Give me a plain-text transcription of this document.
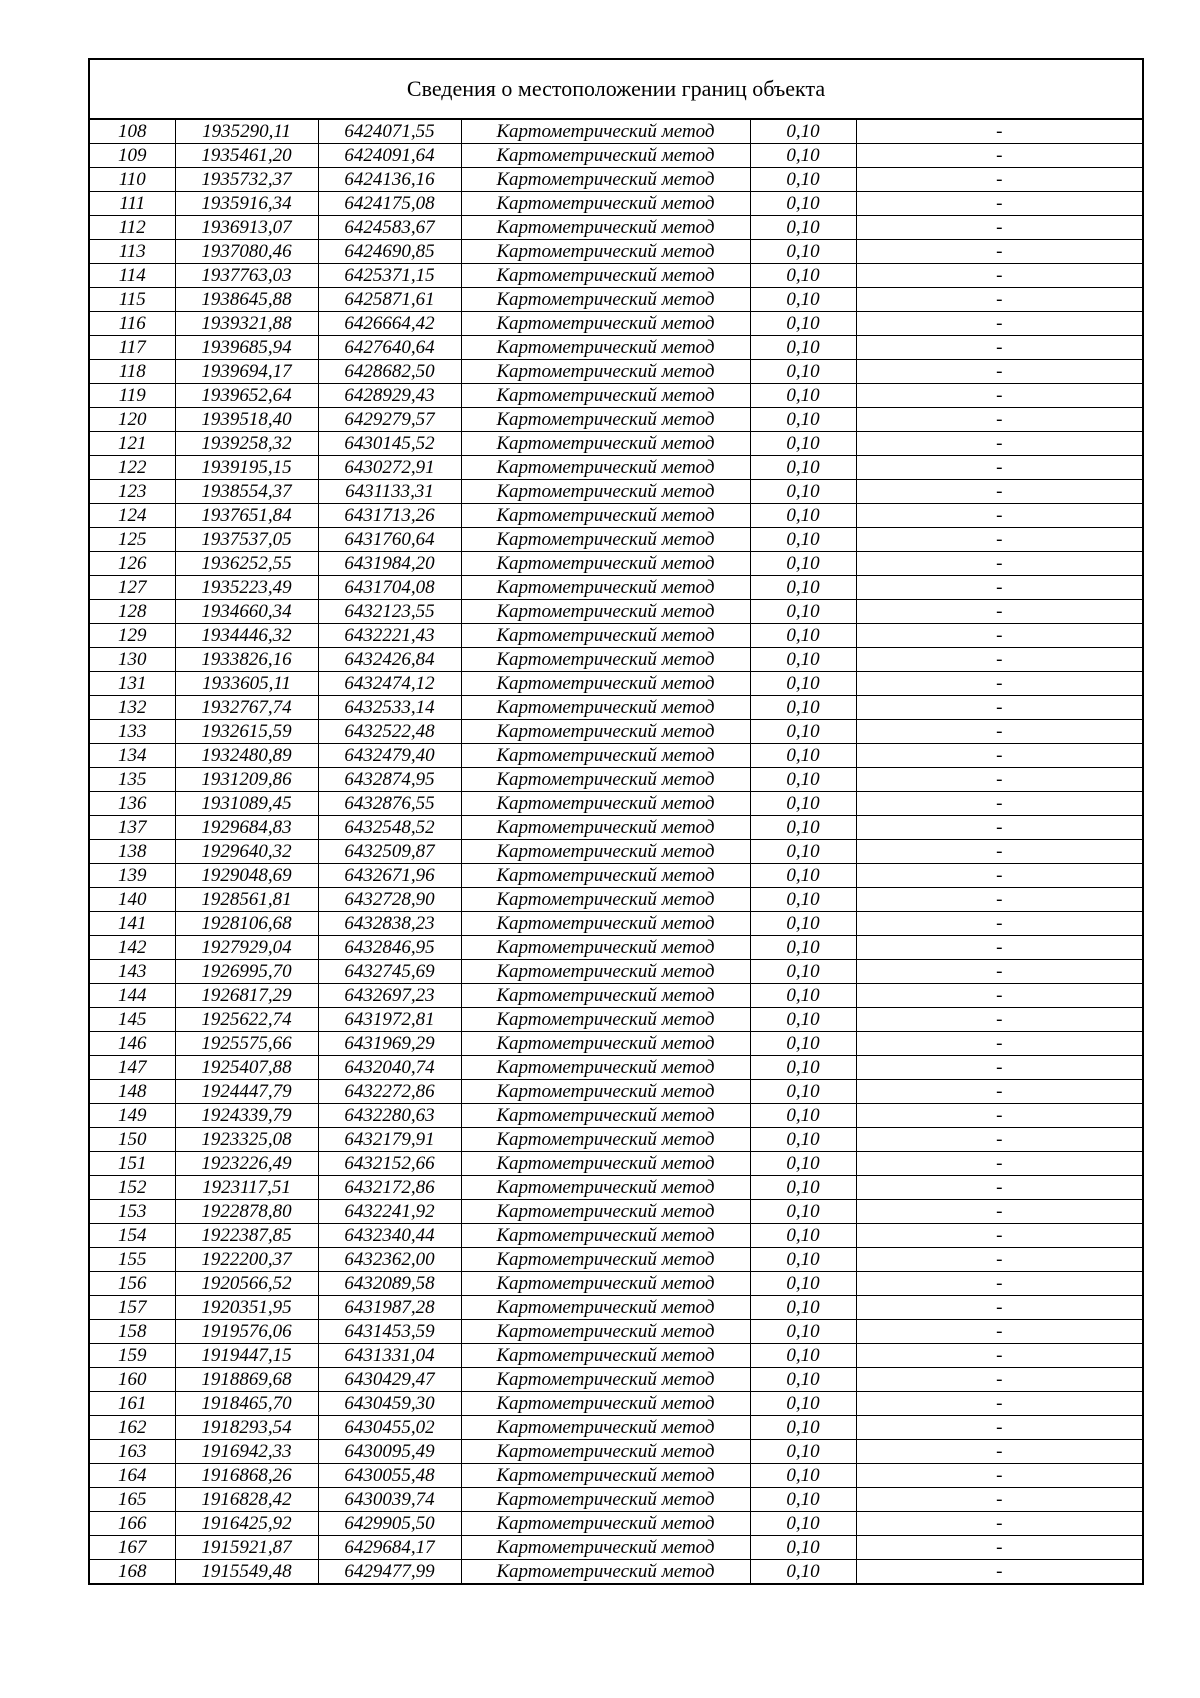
Сведения о местоположении границ объекта
108	1935290,11	6424071,55	Картометрический метод	0,10	-
109	1935461,20	6424091,64	Картометрический метод	0,10	-
110	1935732,37	6424136,16	Картометрический метод	0,10	-
111	1935916,34	6424175,08	Картометрический метод	0,10	-
112	1936913,07	6424583,67	Картометрический метод	0,10	-
113	1937080,46	6424690,85	Картометрический метод	0,10	-
114	1937763,03	6425371,15	Картометрический метод	0,10	-
115	1938645,88	6425871,61	Картометрический метод	0,10	-
116	1939321,88	6426664,42	Картометрический метод	0,10	-
117	1939685,94	6427640,64	Картометрический метод	0,10	-
118	1939694,17	6428682,50	Картометрический метод	0,10	-
119	1939652,64	6428929,43	Картометрический метод	0,10	-
120	1939518,40	6429279,57	Картометрический метод	0,10	-
121	1939258,32	6430145,52	Картометрический метод	0,10	-
122	1939195,15	6430272,91	Картометрический метод	0,10	-
123	1938554,37	6431133,31	Картометрический метод	0,10	-
124	1937651,84	6431713,26	Картометрический метод	0,10	-
125	1937537,05	6431760,64	Картометрический метод	0,10	-
126	1936252,55	6431984,20	Картометрический метод	0,10	-
127	1935223,49	6431704,08	Картометрический метод	0,10	-
128	1934660,34	6432123,55	Картометрический метод	0,10	-
129	1934446,32	6432221,43	Картометрический метод	0,10	-
130	1933826,16	6432426,84	Картометрический метод	0,10	-
131	1933605,11	6432474,12	Картометрический метод	0,10	-
132	1932767,74	6432533,14	Картометрический метод	0,10	-
133	1932615,59	6432522,48	Картометрический метод	0,10	-
134	1932480,89	6432479,40	Картометрический метод	0,10	-
135	1931209,86	6432874,95	Картометрический метод	0,10	-
136	1931089,45	6432876,55	Картометрический метод	0,10	-
137	1929684,83	6432548,52	Картометрический метод	0,10	-
138	1929640,32	6432509,87	Картометрический метод	0,10	-
139	1929048,69	6432671,96	Картометрический метод	0,10	-
140	1928561,81	6432728,90	Картометрический метод	0,10	-
141	1928106,68	6432838,23	Картометрический метод	0,10	-
142	1927929,04	6432846,95	Картометрический метод	0,10	-
143	1926995,70	6432745,69	Картометрический метод	0,10	-
144	1926817,29	6432697,23	Картометрический метод	0,10	-
145	1925622,74	6431972,81	Картометрический метод	0,10	-
146	1925575,66	6431969,29	Картометрический метод	0,10	-
147	1925407,88	6432040,74	Картометрический метод	0,10	-
148	1924447,79	6432272,86	Картометрический метод	0,10	-
149	1924339,79	6432280,63	Картометрический метод	0,10	-
150	1923325,08	6432179,91	Картометрический метод	0,10	-
151	1923226,49	6432152,66	Картометрический метод	0,10	-
152	1923117,51	6432172,86	Картометрический метод	0,10	-
153	1922878,80	6432241,92	Картометрический метод	0,10	-
154	1922387,85	6432340,44	Картометрический метод	0,10	-
155	1922200,37	6432362,00	Картометрический метод	0,10	-
156	1920566,52	6432089,58	Картометрический метод	0,10	-
157	1920351,95	6431987,28	Картометрический метод	0,10	-
158	1919576,06	6431453,59	Картометрический метод	0,10	-
159	1919447,15	6431331,04	Картометрический метод	0,10	-
160	1918869,68	6430429,47	Картометрический метод	0,10	-
161	1918465,70	6430459,30	Картометрический метод	0,10	-
162	1918293,54	6430455,02	Картометрический метод	0,10	-
163	1916942,33	6430095,49	Картометрический метод	0,10	-
164	1916868,26	6430055,48	Картометрический метод	0,10	-
165	1916828,42	6430039,74	Картометрический метод	0,10	-
166	1916425,92	6429905,50	Картометрический метод	0,10	-
167	1915921,87	6429684,17	Картометрический метод	0,10	-
168	1915549,48	6429477,99	Картометрический метод	0,10	-
